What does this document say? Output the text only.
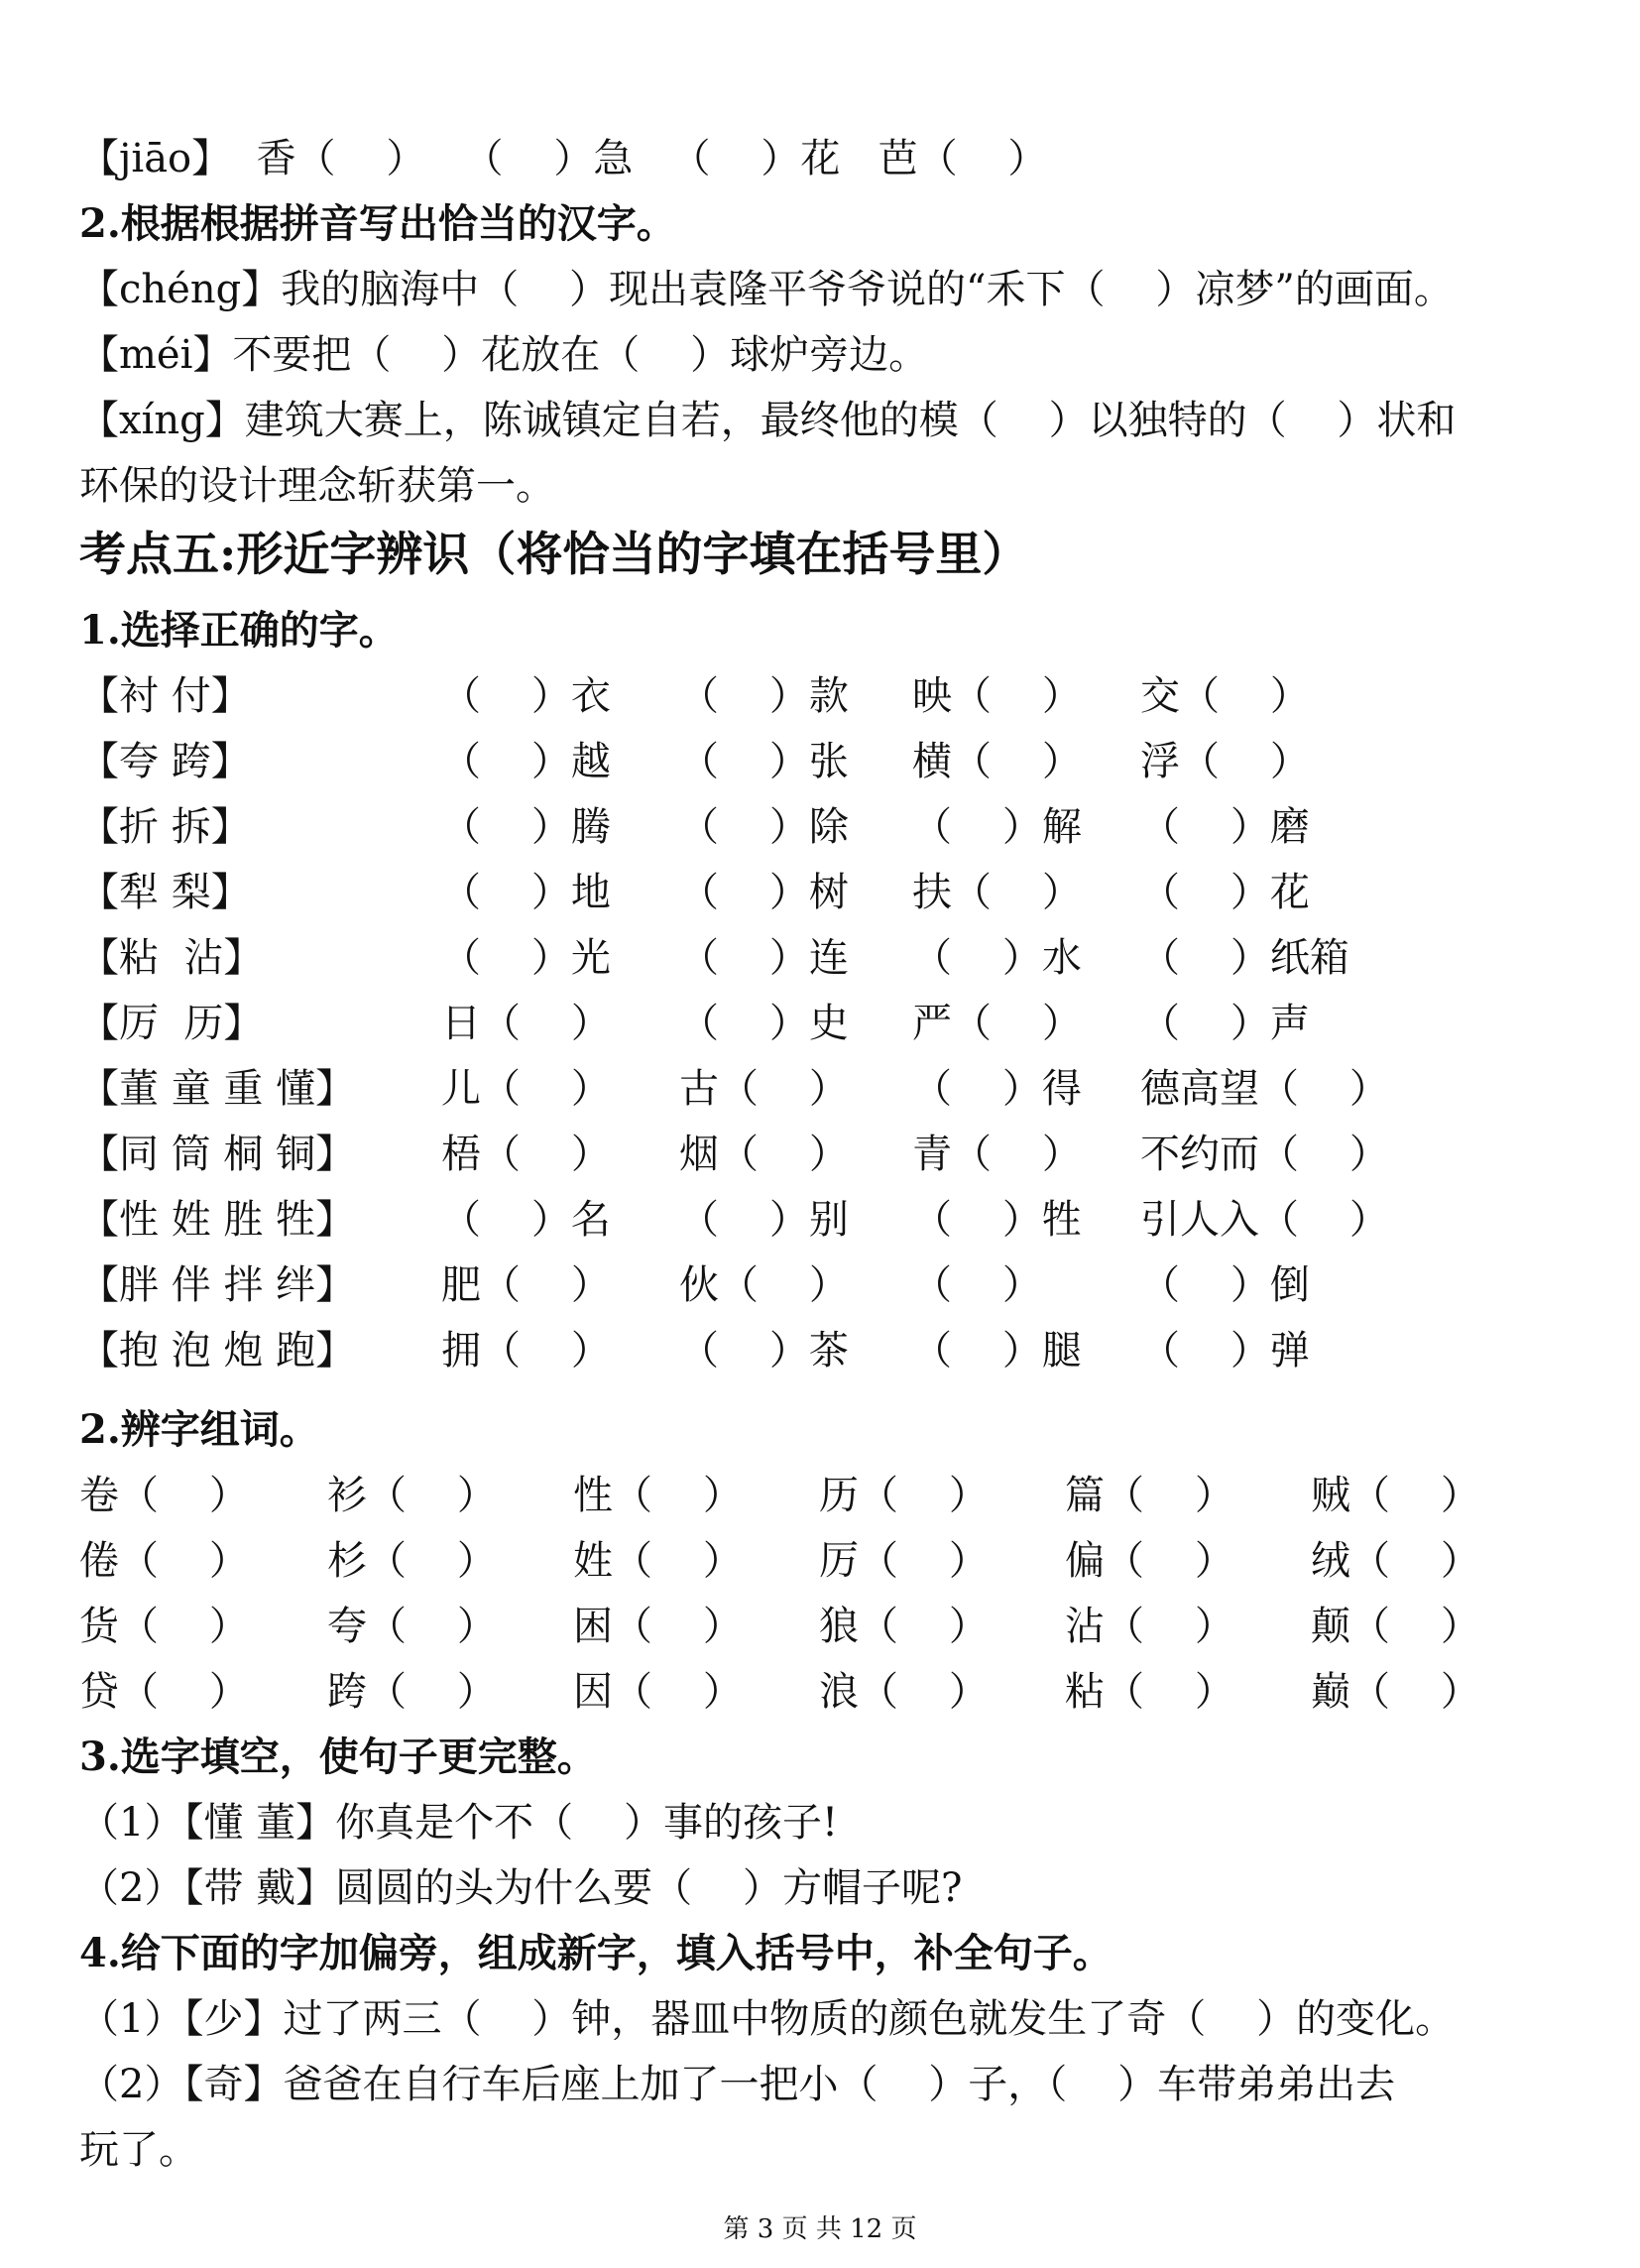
【jiāo】  香（    ）   （    ）急   （    ）花   芭（    ）
2.根据根据拼音写出恰当的汉字。
【chéng】我的脑海中（    ）现出袁隆平爷爷说的“禾下（    ）凉梦”的画面。
【méi】不要把（    ）花放在（    ）球炉旁边。
【xíng】建筑大赛上，陈诚镇定自若，最终他的模（    ）以独特的（    ）状和
环保的设计理念斩获第一。
考点五:形近字辨识（将恰当的字填在括号里）
1.选择正确的字。
【衬 付】	（    ）衣 （    ）款 映（    ） 交（    ）
【夸 跨】	（    ）越 （    ）张 横（    ） 浮（    ）
【折 拆】	（    ）腾 （    ）除 （    ）解 （    ）磨
【犁 梨】	（    ）地 （    ）树 扶（    ） （    ）花
【粘  沾】	（    ）光 （    ）连 （    ）水 （    ）纸箱
【厉  历】	日（    ） （    ）史 严（    ） （    ）声
【董 童 重 懂】 儿（    ） 古（    ） （    ）得 德高望（    ）
【同 筒 桐 铜】 梧（    ） 烟（    ） 青（    ） 不约而（    ）
【性 姓 胜 牲】 （    ）名 （    ）别 （    ）牲 引人入（    ）
【胖 伴 拌 绊】 肥（    ） 伙（    ） （    ） （    ）倒
【抱 泡 炮 跑】 拥（    ） （    ）茶 （    ）腿 （    ）弹
2.辨字组词。
卷（    ） 衫（    ） 性（    ） 历（    ） 篇（    ） 贼（    ）
倦（    ） 杉（    ） 姓（    ） 厉（    ） 偏（    ） 绒（    ）
货（    ） 夸（    ） 困（    ） 狼（    ） 沾（    ） 颠（    ）
贷（    ） 跨（    ） 因（    ） 浪（    ） 粘（    ） 巅（    ）
3.选字填空，使句子更完整。
（1）【懂 董】你真是个不（    ）事的孩子!
（2）【带 戴】圆圆的头为什么要（    ）方帽子呢?
4.给下面的字加偏旁，组成新字，填入括号中，补全句子。
（1）【少】过了两三（    ）钟，器皿中物质的颜色就发生了奇（    ）的变化。
（2）【奇】爸爸在自行车后座上加了一把小（    ）子，（    ）车带弟弟出去
玩了。
第 3 页 共 12 页
